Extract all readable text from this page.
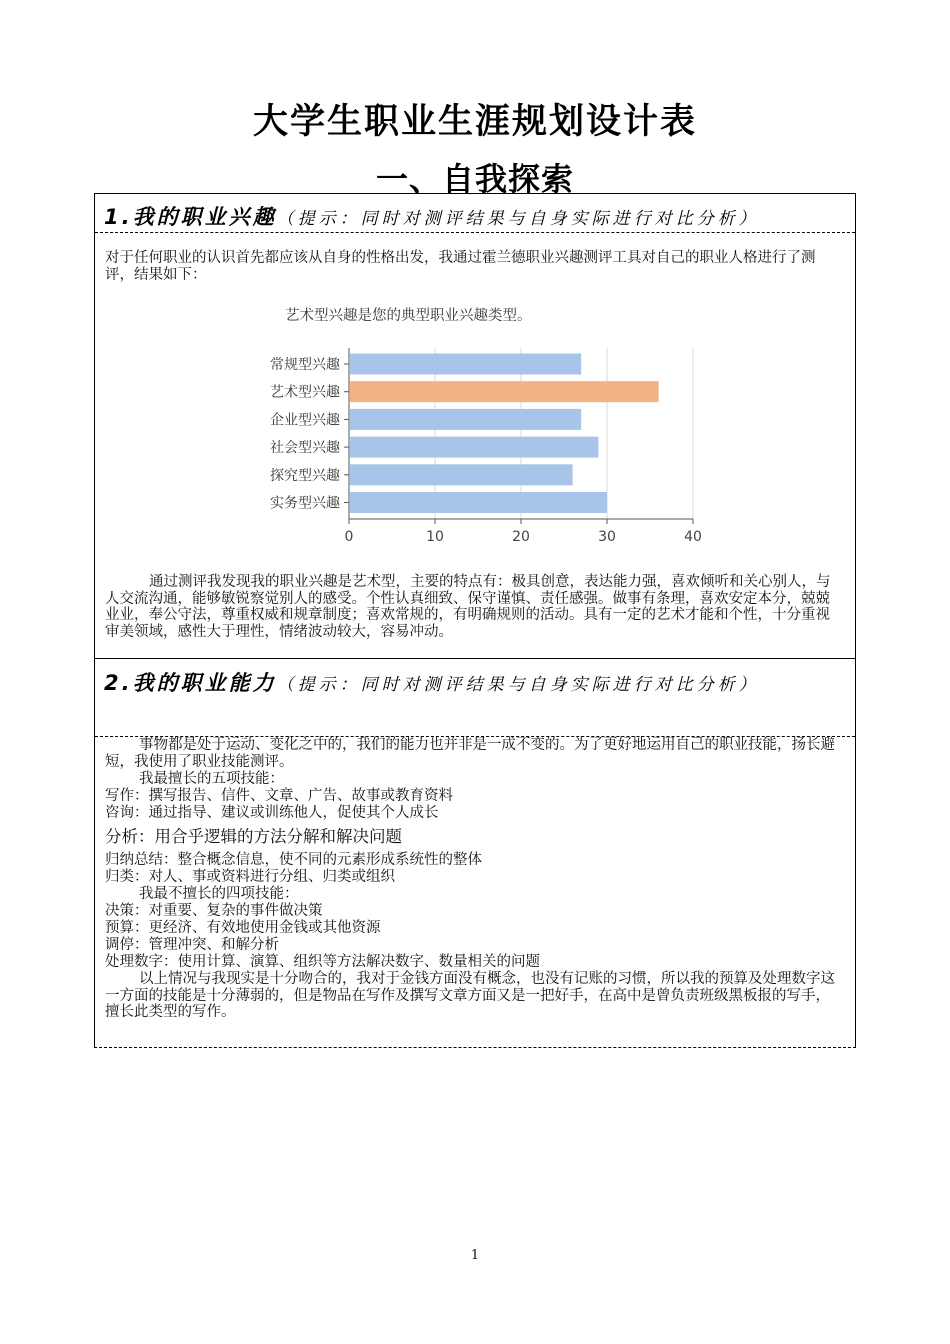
大学生职业生涯规划设计表
一、自我探索
1.我的职业兴趣（提示：同时对测评结果与自身实际进行对比分析）

对于任何职业的认识首先都应该从自身的性格出发，我通过霍兰德职业兴趣测评工具对自己的职业人格进行了测评，结果如下：

艺术型兴趣是您的典型职业兴趣类型。
0	10	20	30	40
常规型兴趣
艺术型兴趣
企业型兴趣
社会型兴趣
探究型兴趣
实务型兴趣

通过测评我发现我的职业兴趣是艺术型，主要的特点有：极具创意，表达能力强，喜欢倾听和关心别人，与人交流沟通，能够敏锐察觉别人的感受。个性认真细致、保守谨慎、责任感强。做事有条理，喜欢安定本分，兢兢业业，奉公守法，尊重权威和规章制度；喜欢常规的，有明确规则的活动。具有一定的艺术才能和个性，十分重视审美领域，感性大于理性，情绪波动较大，容易冲动。

2.我的职业能力（提示：同时对测评结果与自身实际进行对比分析）

事物都是处于运动、变化之中的，我们的能力也并非是一成不变的。为了更好地运用自己的职业技能，扬长避短，我使用了职业技能测评。

我最擅长的五项技能：

写作：撰写报告、信件、文章、广告、故事或教育资料

咨询：通过指导、建议或训练他人，促使其个人成长

分析：用合乎逻辑的方法分解和解决问题

归纳总结：整合概念信息，使不同的元素形成系统性的整体

归类：对人、事或资料进行分组、归类或组织

我最不擅长的四项技能：

决策：对重要、复杂的事件做决策

预算：更经济、有效地使用金钱或其他资源

调停：管理冲突、和解分析

处理数字：使用计算、演算、组织等方法解决数字、数量相关的问题

以上情况与我现实是十分吻合的，我对于金钱方面没有概念，也没有记账的习惯，所以我的预算及处理数字这一方面的技能是十分薄弱的，但是物品在写作及撰写文章方面又是一把好手，在高中是曾负责班级黑板报的写手，擅长此类型的写作。

1
